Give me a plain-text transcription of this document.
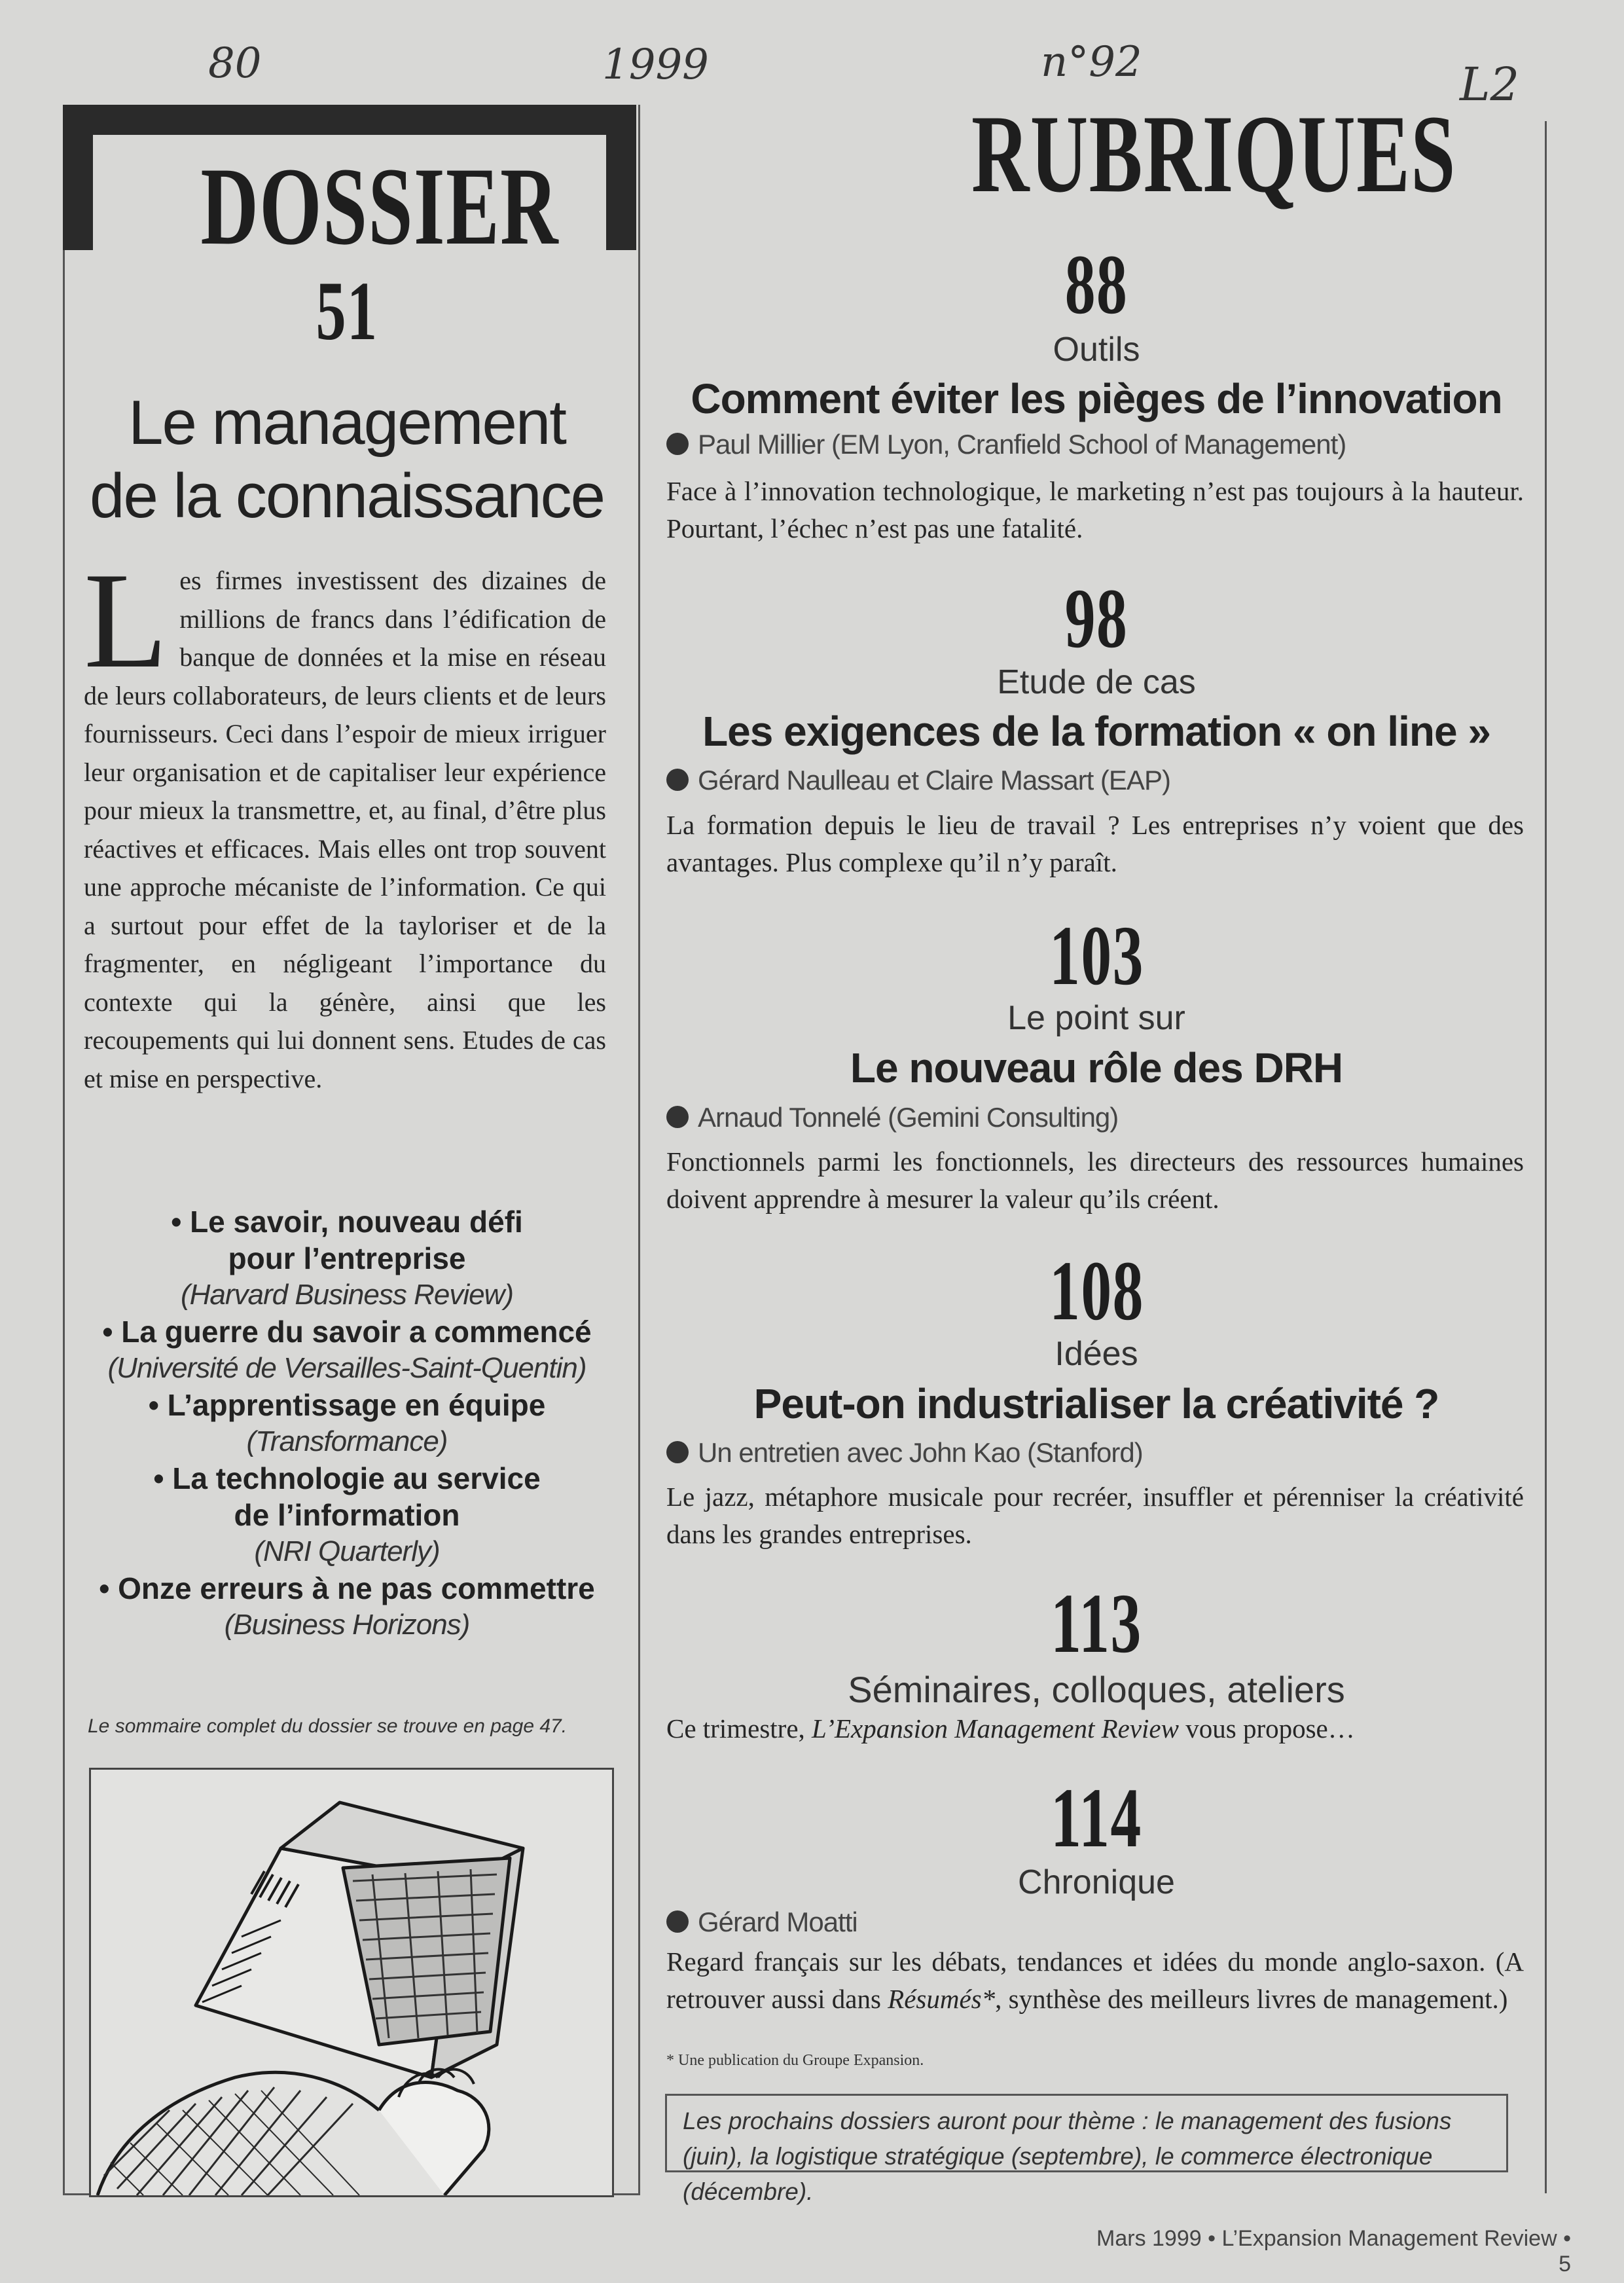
80	1999	n°92	L2
DOSSIER
51
Le management
de la connaissance
L es firmes investissent des dizaines de millions de francs dans l’édification de banque de données et la mise en réseau de leurs collaborateurs, de leurs clients et de leurs fournisseurs. Ceci dans l’espoir de mieux irriguer leur organisation et de capitaliser leur expérience pour mieux la transmettre, et, au final, d’être plus réactives et efficaces. Mais elles ont trop souvent une approche mécaniste de l’information. Ce qui a surtout pour effet de la tayloriser et de la fragmenter, en négligeant l’importance du contexte qui la génère, ainsi que les recoupements qui lui donnent sens. Etudes de cas et mise en perspective.
• Le savoir, nouveau défi
pour l’entreprise
(Harvard Business Review)
• La guerre du savoir a commencé
(Université de Versailles-Saint-Quentin)
• L’apprentissage en équipe
(Transformance)
• La technologie au service
de l’information
(NRI Quarterly)
• Onze erreurs à ne pas commettre
(Business Horizons)
Le sommaire complet du dossier se trouve en page 47.
RUBRIQUES
88
Outils
Comment éviter les pièges de l’innovation
Paul Millier (EM Lyon, Cranfield School of Management)
Face à l’innovation technologique, le marketing n’est pas toujours à la hauteur. Pourtant, l’échec n’est pas une fatalité.
98
Etude de cas
Les exigences de la formation « on line »
Gérard Naulleau et Claire Massart (EAP)
La formation depuis le lieu de travail ? Les entreprises n’y voient que des avantages. Plus complexe qu’il n’y paraît.
103
Le point sur
Le nouveau rôle des DRH
Arnaud Tonnelé (Gemini Consulting)
Fonctionnels parmi les fonctionnels, les directeurs des ressources humaines doivent apprendre à mesurer la valeur qu’ils créent.
108
Idées
Peut-on industrialiser la créativité ?
Un entretien avec John Kao (Stanford)
Le jazz, métaphore musicale pour recréer, insuffler et pérenniser la créativité dans les grandes entreprises.
113
Séminaires, colloques, ateliers
Ce trimestre, L’Expansion Management Review vous propose…
114
Chronique
Gérard Moatti
Regard français sur les débats, tendances et idées du monde anglo-saxon. (A retrouver aussi dans Résumés*, synthèse des meilleurs livres de management.)
* Une publication du Groupe Expansion.
Les prochains dossiers auront pour thème : le management des fusions (juin), la logistique stratégique (septembre), le commerce électronique (décembre).
Mars 1999 • L’Expansion Management Review • 5
